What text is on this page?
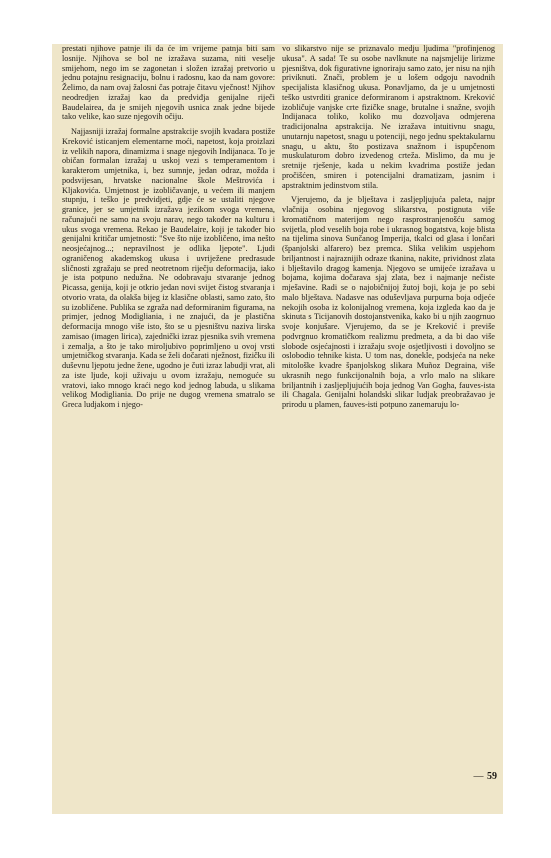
prestati njihove patnje ili da će im vrijeme patnja biti sam losnije. Njihova se bol ne izražava suzama, niti veselje smijehom, nego im se zagonetan i složen izražaj pretvorio u jednu potajnu resignaciju, bolnu i radosnu, kao da nam govore: Želimo, da nam ovaj žalosni čas potraje čitavu vječnost! Njihov neodredjen izražaj kao da predviđja genijalne riječi Baudelairea, da je smijeh njegovih usnica znak jedne bijede tako velike, kao suze njegovih očiju.

Najjasniji izražaj formalne apstrakcije svojih kvadara postiže Kreković isticanjem elementarne moći, napetost, koja proizlazi iz velikih napora, dinamizma i snage njegovih Indijanaca. To je običan formalan izražaj u uskoj vezi s temperamentom i karakterom umjetnika, i, bez sumnje, jedan odraz, možda i podsvijesan, hrvatske nacionalne škole Meštrovića i Kljakovića. Umjetnost je izobličavanje, u većem ili manjem stupnju, i teško je predvidjeti, gdje će se ustaliti njegove granice, jer se umjetnik izražava jezikom svoga vremena, računajući ne samo na svoju narav, nego također na kulturu i ukus svoga vremena. Rekao je Baudelaire, koji je također bio genijalni kritičar umjetnosti: "Sve što nije izobličeno, ima nešto neosjećajnog...; nepravilnost je odlika ljepote". Ljudi ograničenog akademskog ukusa i uvriježene predrasude sličnosti zgražaju se pred neotretnom riječju deformacija, iako je ista potpuno nedužna. Ne odobravaju stvaranje jednog Picassa, genija, koji je otkrio jedan novi svijet čistog stvaranja i otvorio vrata, da olakša bijeg iz klasične oblasti, samo zato, što su izobličene. Publika se zgraža nad deformiranim figurama, na primjer, jednog Modigliania, i ne znajući, da je plastična deformacija mnogo više isto, što se u pjesništvu naziva lirska zamisao (imagen lirica), zajednički izraz pjesnika svih vremena i zemalja, a što je tako miroljubivo poprimljeno u ovoj vrsti umjetničkog stvaranja. Kada se želi dočarati nježnost, fizičku ili duševnu ljepotu jedne žene, ugodno je čuti izraz labudji vrat, ali za iste ljude, koji uživaju u ovom izražaju, nemoguće su vratovi, iako mnogo kraći nego kod jednog labuda, u slikama velikog Modigliania. Do prije ne dugog vremena smatralo se Greca ludjakom i njego-

vo slikarstvo nije se priznavalo medju ljudima "profinjenog ukusa". A sada! Te su osobe navlknute na najsmjelije lirizme pjesništva, dok figurativne ignoriraju samo zato, jer nisu na njih priviknuti. Znači, problem je u lošem odgoju navodnih specijalista klasičnog ukusa. Ponavljamo, da je u umjetnosti teško ustvrditi granice deformiranom i apstraktnom. Kreković izobličuje vanjske crte fizičke snage, brutalne i snažne, svojih Indijanaca toliko, koliko mu dozvoljava odmjerena tradicijonalna apstrakcija. Ne izražava intuitivnu snagu, unutarnju napetost, snagu u potenciji, nego jednu spektakularnu snagu, u aktu, što postizava snažnom i ispupčenom muskulaturom dobro izvedenog crteža. Mislimo, da mu je sretnije rješenje, kada u nekim kvadrima postiže jedan pročišćen, smiren i potencijalni dramatizam, jasnim i apstraktnim jedinstvom stila.

Vjerujemo, da je blještava i zasljepljujuća paleta, najpr vlačnija osobina njegovog slikarstva, postignuta više kromatičnom materijom nego rasprostranjenošću samog svijetla, plod veselih boja robe i ukrasnog bogatstva, koje blista na tijelima sinova Sunčanog Imperija, tkalci od glasa i lončari (španjolski alfarero) bez premca. Slika velikim uspjehom briljantnost i najraznijih odraze tkanina, nakite, prividnost zlata i blještavilo dragog kamenja. Njegovo se umijeće izražava u bojama, kojima dočarava sjaj zlata, bez i najmanje nečiste mješavine. Radi se o najobičnijoj žutoj boji, koja je po sebi malo blještava. Nadasve nas oduševljava purpurna boja odjeće nekojih osoba iz kolonijalnog vremena, koja izgleda kao da je skinuta s Ticijanovih dostojanstvenika, kako bi u njih zaogrnuo svoje konjušare. Vjerujemo, da se je Kreković i previše podvrgnuo kromatičkom realizmu predmeta, a da bi dao više slobode osjećajnosti i izražaju svoje osjetljivosti i dovoljno se oslobodio tehnike kista. U tom nas, donekle, podsjeća na neke mitološke kvadre španjolskog slikara Muñoz Degraina, više ukrasnih nego funkcijonalnih boja, a vrlo malo na slikare briljantnih i zasljepljujućih boja jednog Van Gogha, fauves-ista ili Chagala. Genijalni holandski slikar ludjak preobražavao je prirodu u plamen, fauves-isti potpuno zanemaruju lo-

— 59
